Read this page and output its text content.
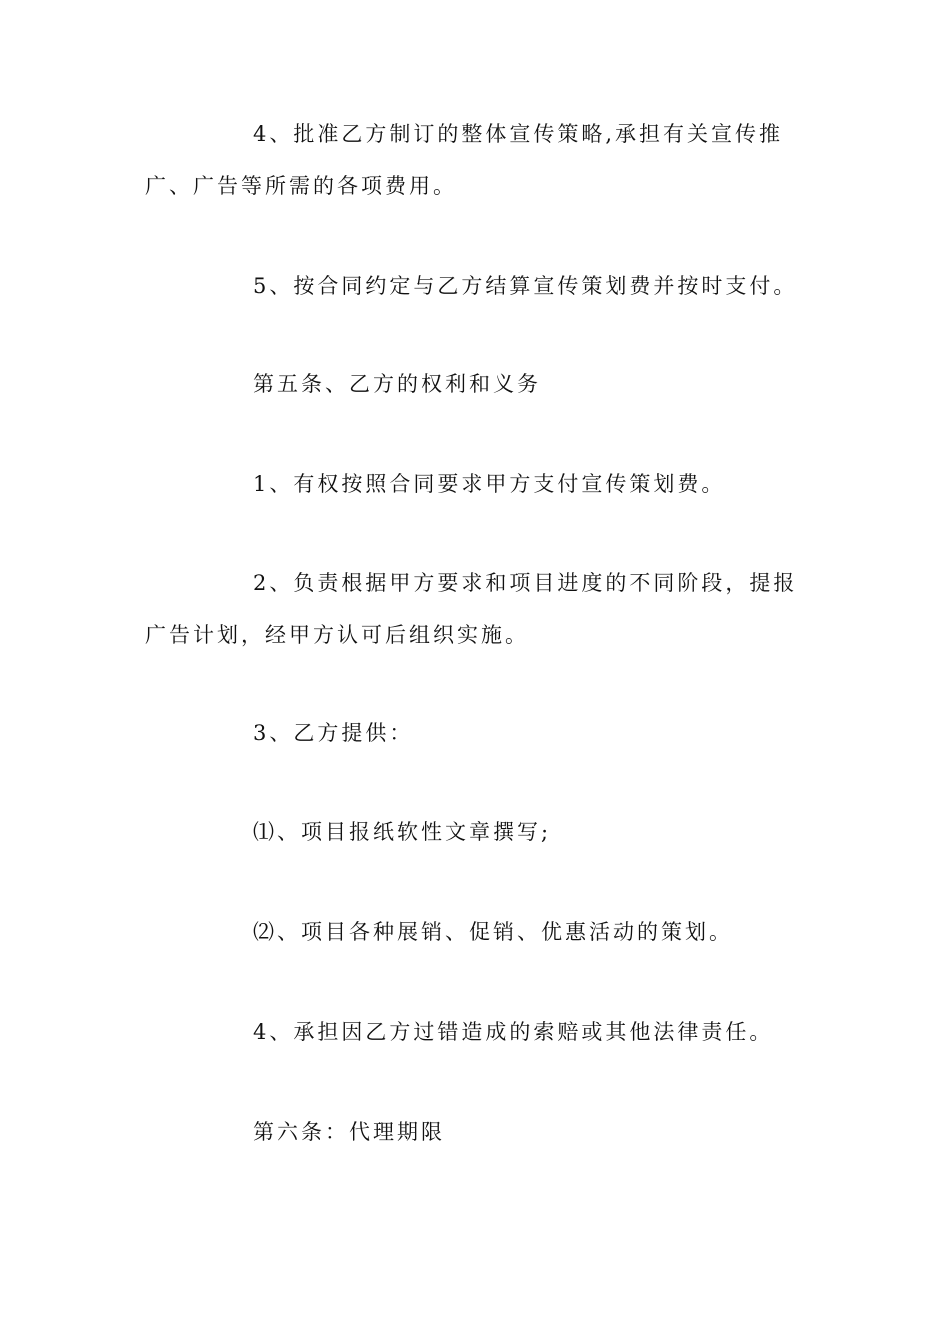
4、批准乙方制订的整体宣传策略,承担有关宣传推广、广告等所需的各项费用。

5、按合同约定与乙方结算宣传策划费并按时支付。

第五条、乙方的权利和义务

1、有权按照合同要求甲方支付宣传策划费。

2、负责根据甲方要求和项目进度的不同阶段，提报广告计划，经甲方认可后组织实施。

3、乙方提供：

⑴、项目报纸软性文章撰写;

⑵、项目各种展销、促销、优惠活动的策划。

4、承担因乙方过错造成的索赔或其他法律责任。

第六条：代理期限
